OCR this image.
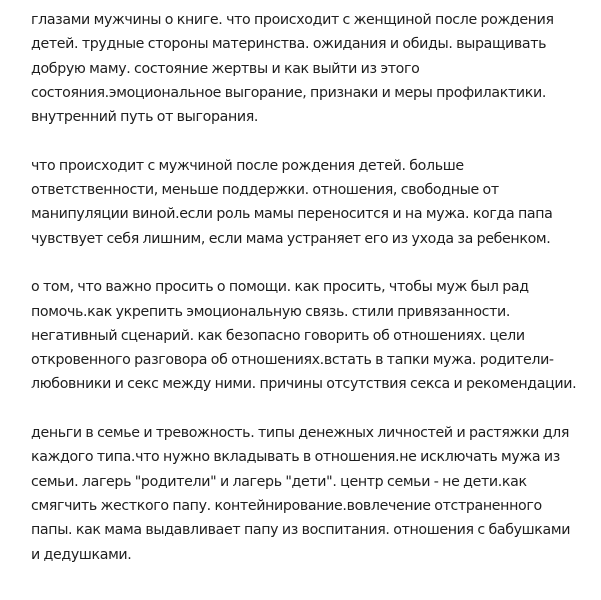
глазами мужчины о книге. что происходит с женщиной после рождения
детей. трудные стороны материнства. ожидания и обиды. выращивать
добрую маму. состояние жертвы и как выйти из этого
состояния.эмоциональное выгорание, признаки и меры профилактики.
внутренний путь от выгорания.

что происходит с мужчиной после рождения детей. больше
ответственности, меньше поддержки. отношения, свободные от
манипуляции виной.если роль мамы переносится и на мужа. когда папа
чувствует себя лишним, если мама устраняет его из ухода за ребенком.

о том, что важно просить о помощи. как просить, чтобы муж был рад
помочь.как укрепить эмоциональную связь. стили привязанности.
негативный сценарий. как безопасно говорить об отношениях. цели
откровенного разговора об отношениях.встать в тапки мужа. родители-
любовники и секс между ними. причины отсутствия секса и рекомендации.

деньги в семье и тревожность. типы денежных личностей и растяжки для
каждого типа.что нужно вкладывать в отношения.не исключать мужа из
семьи. лагерь "родители" и лагерь "дети". центр семьи - не дети.как
смягчить жесткого папу. контейнирование.вовлечение отстраненного
папы. как мама выдавливает папу из воспитания. отношения с бабушками
и дедушками.
